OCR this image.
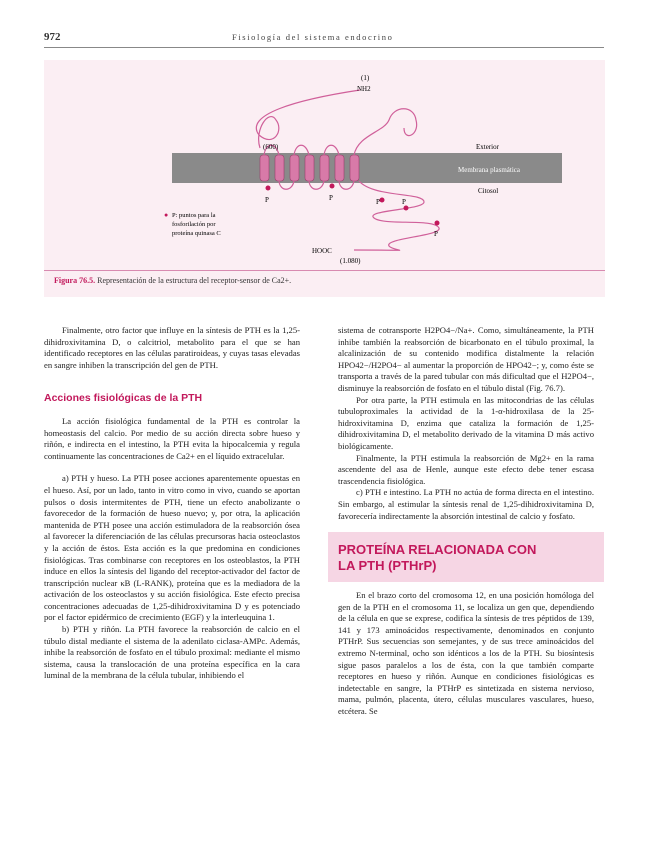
972	Fisiología del sistema endocrino
(1)
NH2
(600)	Exterior
Membrana plasmática
Citosol
P	P	P	P
P
● P: puntos para la
fosforilación por
proteína quinasa C
HOOC
(1.080)
Figura 76.5. Representación de la estructura del receptor-sensor de Ca2+.

Finalmente, otro factor que influye en la síntesis de PTH es la 1,25-dihidroxivitamina D, o calcitriol, metabolito para el que se han identificado receptores en las células paratiroideas, y cuyas tasas elevadas en sangre inhiben la transcripción del gen de PTH.

Acciones fisiológicas de la PTH

La acción fisiológica fundamental de la PTH es controlar la homeostasis del calcio. Por medio de su acción directa sobre hueso y riñón, e indirecta en el intestino, la PTH evita la hipocalcemia y regula continuamente las concentraciones de Ca2+ en el líquido extracelular.

a) PTH y hueso. La PTH posee acciones aparentemente opuestas en el hueso. Así, por un lado, tanto in vitro como in vivo, cuando se aportan pulsos o dosis intermitentes de PTH, tiene un efecto anabolizante o favorecedor de la formación de hueso nuevo; y, por otra, la aplicación mantenida de PTH posee una acción estimuladora de la reabsorción ósea al favorecer la diferenciación de las células precursoras hacia osteoclastos y la acción de éstos. Esta acción es la que predomina en condiciones fisiológicas. Tras combinarse con receptores en los osteoblastos, la PTH induce en ellos la síntesis del ligando del receptor-activador del factor de transcripción nuclear κB (L-RANK), proteína que es la mediadora de la activación de los osteoclastos y su acción fisiológica. Este efecto precisa concentraciones adecuadas de 1,25-dihidroxivitamina D y es potenciado por el factor epidérmico de crecimiento (EGF) y la interleuquina 1.

b) PTH y riñón. La PTH favorece la reabsorción de calcio en el túbulo distal mediante el sistema de la adenilato ciclasa-AMPc. Además, inhibe la reabsorción de fosfato en el túbulo proximal: mediante el mismo sistema, causa la translocación de una proteína específica en la cara luminal de la membrana de la célula tubular, inhibiendo el

sistema de cotransporte H2PO4−/Na+. Como, simultáneamente, la PTH inhibe también la reabsorción de bicarbonato en el túbulo proximal, la alcalinización de su contenido modifica distalmente la relación HPO42−/H2PO4− al aumentar la proporción de HPO42−; y, como éste se transporta a través de la pared tubular con más dificultad que el H2PO4−, disminuye la reabsorción de fosfato en el túbulo distal (Fig. 76.7).

Por otra parte, la PTH estimula en las mitocondrias de las células tubuloproximales la actividad de la 1-α-hidroxilasa de la 25-hidroxivitamina D, enzima que cataliza la formación de 1,25-dihidroxivitamina D, el metabolito derivado de la vitamina D más activo biológicamente.

Finalmente, la PTH estimula la reabsorción de Mg2+ en la rama ascendente del asa de Henle, aunque este efecto debe tener escasa trascendencia fisiológica.

c) PTH e intestino. La PTH no actúa de forma directa en el intestino. Sin embargo, al estimular la síntesis renal de 1,25-dihidroxivitamina D, favorecería indirectamente la absorción intestinal de calcio y fosfato.

PROTEÍNA RELACIONADA CON
LA PTH (PTHrP)

En el brazo corto del cromosoma 12, en una posición homóloga del gen de la PTH en el cromosoma 11, se localiza un gen que, dependiendo de la célula en que se exprese, codifica la síntesis de tres péptidos de 139, 141 y 173 aminoácidos respectivamente, denominados en conjunto PTHrP. Sus secuencias son semejantes, y de sus trece aminoácidos del extremo N-terminal, ocho son idénticos a los de la PTH. Su biosíntesis sigue pasos paralelos a los de ésta, con la que también comparte receptores en hueso y riñón. Aunque en condiciones fisiológicas es indetectable en sangre, la PTHrP es sintetizada en sistema nervioso, mama, pulmón, placenta, útero, células musculares vasculares, hueso, etcétera. Se
